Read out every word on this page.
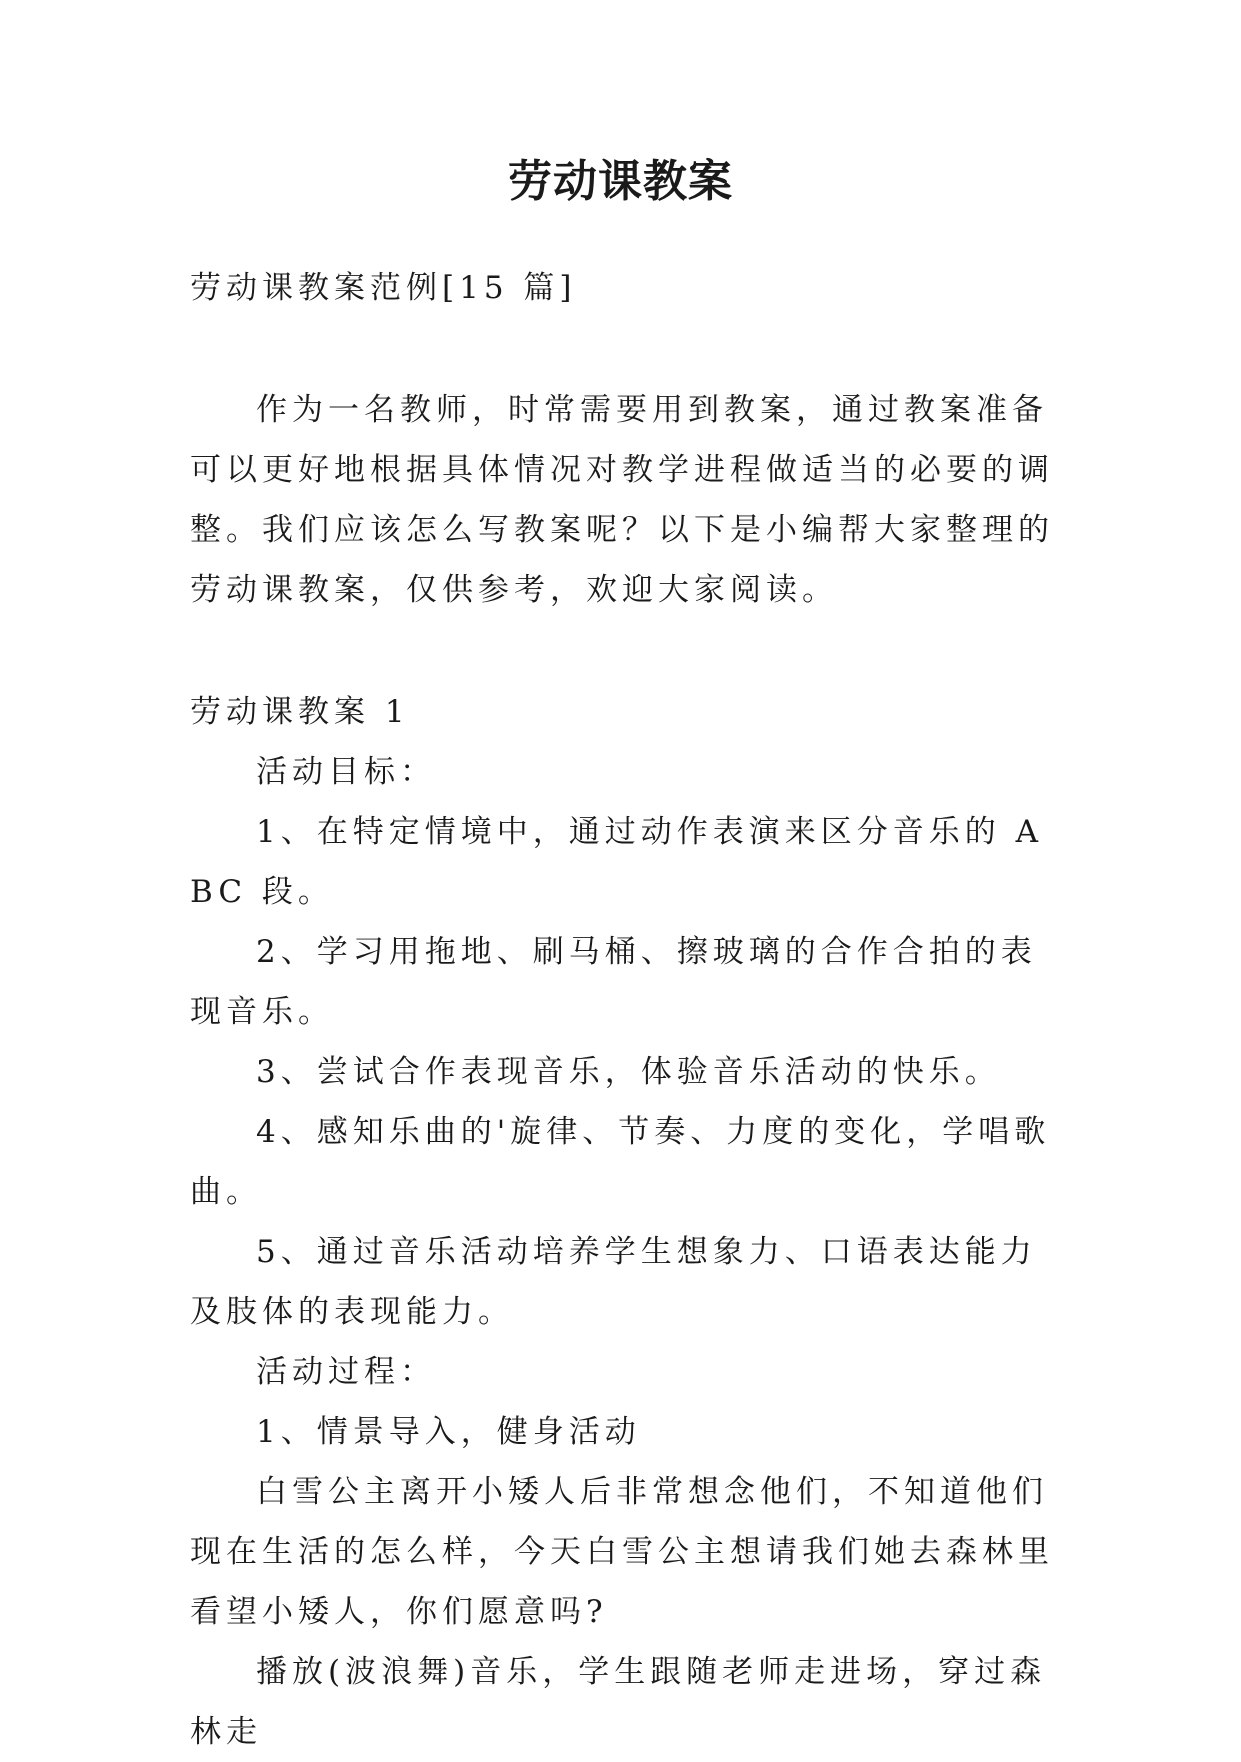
劳动课教案

劳动课教案范例[15 篇]

作为一名教师，时常需要用到教案，通过教案准备可以更好地根据具体情况对教学进程做适当的必要的调整。我们应该怎么写教案呢？以下是小编帮大家整理的劳动课教案，仅供参考，欢迎大家阅读。

劳动课教案 1

活动目标：

1、在特定情境中，通过动作表演来区分音乐的 ABC 段。

2、学习用拖地、刷马桶、擦玻璃的合作合拍的表现音乐。

3、尝试合作表现音乐，体验音乐活动的快乐。

4、感知乐曲的'旋律、节奏、力度的变化，学唱歌曲。

5、通过音乐活动培养学生想象力、口语表达能力及肢体的表现能力。

活动过程：

1、情景导入，健身活动

白雪公主离开小矮人后非常想念他们，不知道他们现在生活的怎么样，今天白雪公主想请我们她去森林里看望小矮人，你们愿意吗?

播放(波浪舞)音乐，学生跟随老师走进场，穿过森林走
